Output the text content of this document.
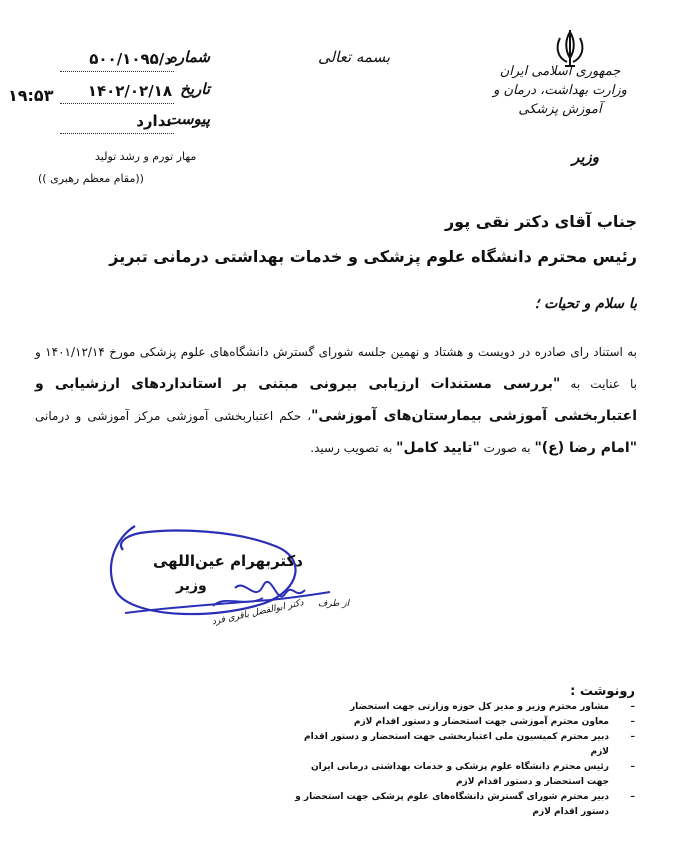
جمهوری اسلامی ایران
وزارت بهداشت، درمان و آموزش پزشکی
وزیر
بسمه تعالی
شماره
د/۵۰۰/۱۰۹۵
تاریخ
۱۴۰۲/۰۲/۱۸
پیوست
ندارد
۱۹:۵۳
مهار تورم و رشد تولید
((مقام معظم رهبری ))
جناب آقای دکتر نقی پور
رئیس محترم دانشگاه علوم پزشکی و خدمات بهداشتی درمانی تبریز
با سلام و تحیات ؛

به استناد رای صادره در دویست و هشتاد و نهمین جلسه شورای گسترش دانشگاه‌های علوم پزشکی مورخ ۱۴۰۱/۱۲/۱۴ و با عنایت به "بررسی مستندات ارزیابی بیرونی مبتنی بر استانداردهای ارزشیابی و اعتباربخشی آموزشی بیمارستان‌های آموزشی"، حکم اعتباربخشی آموزشی مرکز آموزشی و درمانی "امام رضا (ع)" به صورت "تایید کامل" به تصویب رسید.

دکتربهرام عین‌اللهی
وزیر
از طرف
دکتر ابوالفضل باقری فرد
رونوشت :
– مشاور محترم وزیر و مدیر کل حوزه وزارتی جهت استحضار
– معاون محترم آموزشی جهت استحضار و دستور اقدام لازم
– دبیر محترم کمیسیون ملی اعتباربخشی جهت استحضار و دستور اقدام لازم
– رئیس محترم دانشگاه علوم پزشکی و خدمات بهداشتی درمانی ایران جهت استحضار و دستور اقدام لازم
– دبیر محترم شورای گسترش دانشگاه‌های علوم پزشکی جهت استحضار و دستور اقدام لازم
